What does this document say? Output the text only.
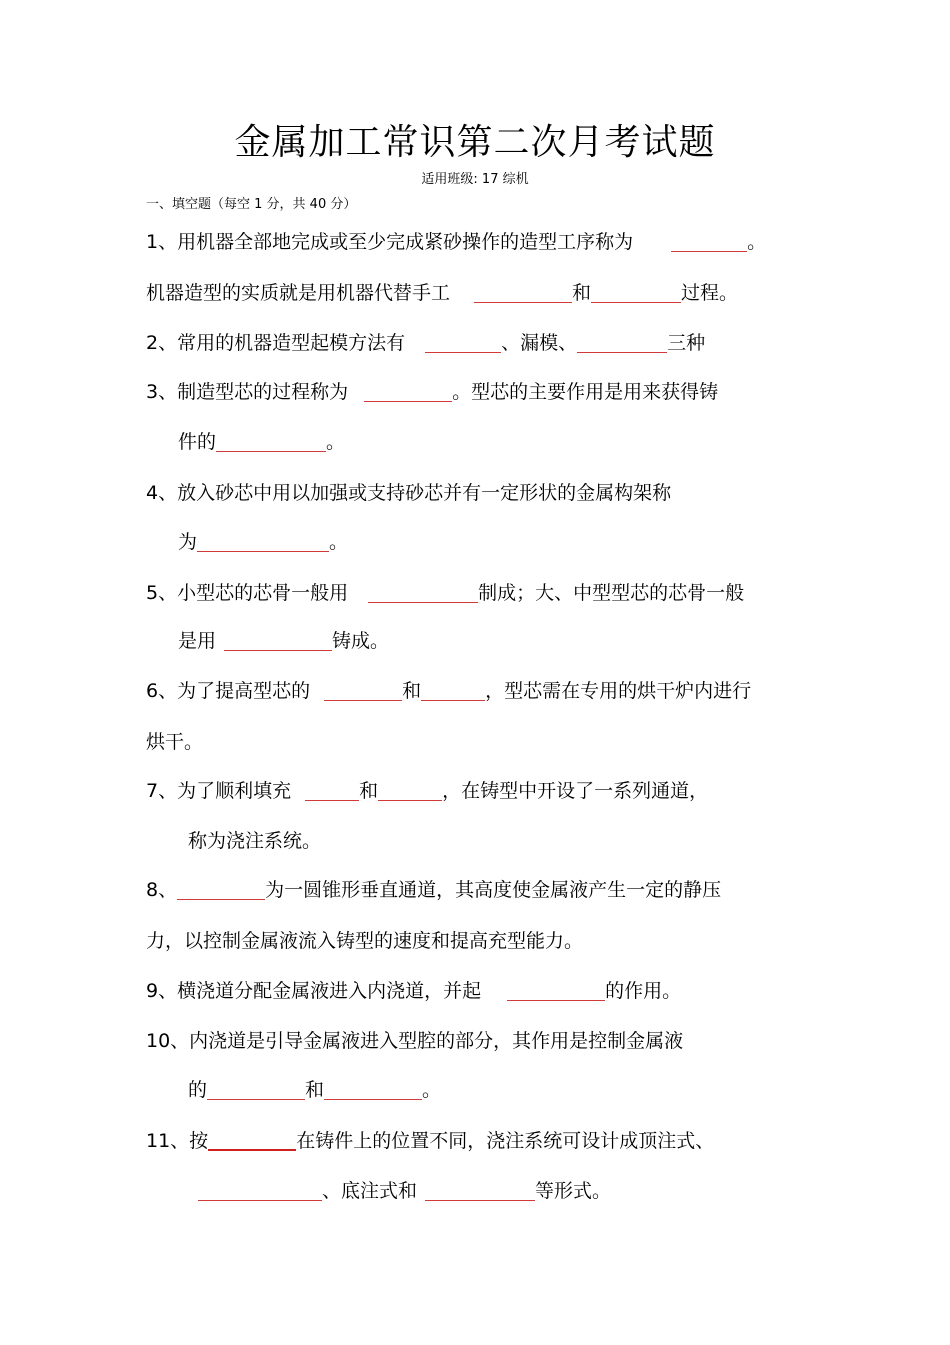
金属加工常识第二次月考试题
适用班级: 17 综机
一、填空题（每空 1 分，共 40 分）
1、用机器全部地完成或至少完成紧砂操作的造型工序称为	。
机器造型的实质就是用机器代替手工	和	过程。
2、常用的机器造型起模方法有	、漏模、	三种
3、制造型芯的过程称为	。型芯的主要作用是用来获得铸
件的	。
4、放入砂芯中用以加强或支持砂芯并有一定形状的金属构架称
为	。
5、小型芯的芯骨一般用	制成；大、中型型芯的芯骨一般
是用	铸成。
6、为了提高型芯的	和	，型芯需在专用的烘干炉内进行
烘干。
7、为了顺利填充	和	，在铸型中开设了一系列通道，
称为浇注系统。
8、	为一圆锥形垂直通道，其高度使金属液产生一定的静压
力，以控制金属液流入铸型的速度和提高充型能力。
9、横浇道分配金属液进入内浇道，并起	的作用。
10、内浇道是引导金属液进入型腔的部分，其作用是控制金属液
的	和	。
11、按	在铸件上的位置不同，浇注系统可设计成顶注式、
、底注式和	等形式。
